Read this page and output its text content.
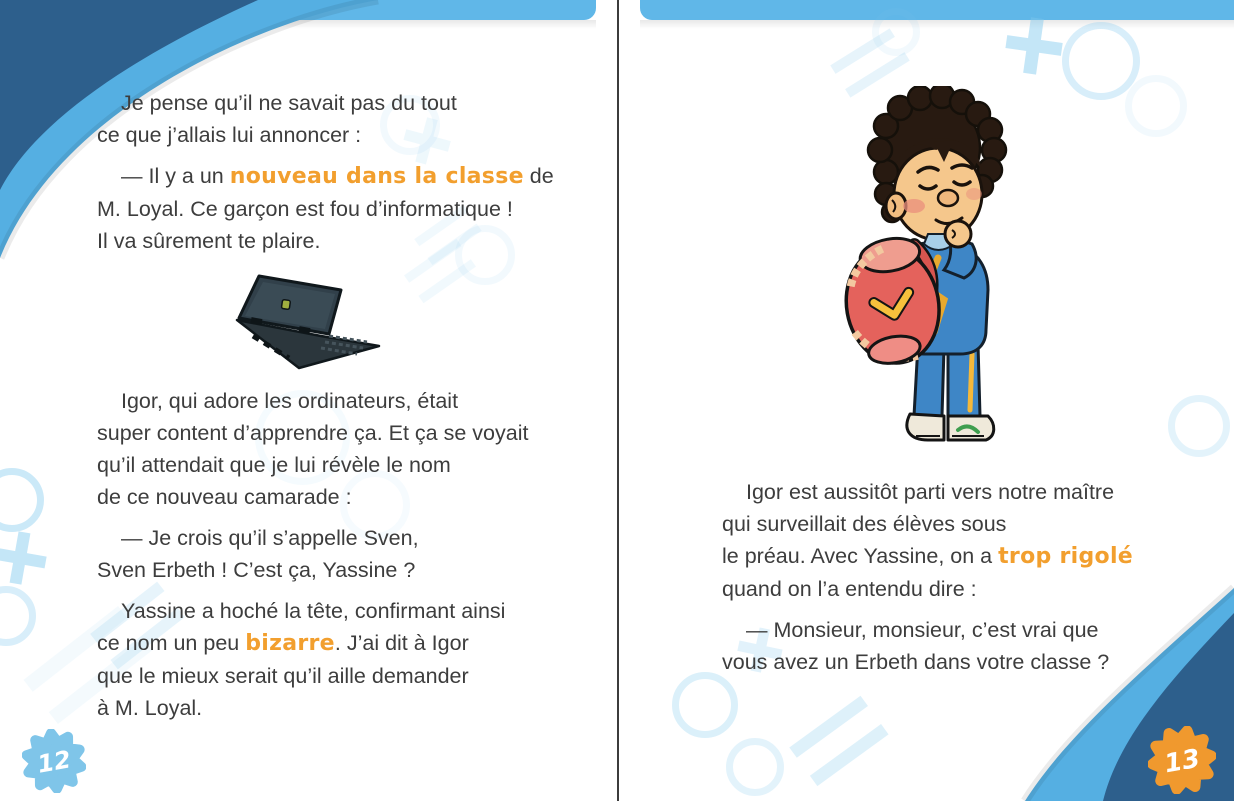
Je pense qu’il ne savait pas du tout
ce que j’allais lui annoncer :
— Il y a un nouveau dans la classe de
M. Loyal. Ce garçon est fou d’informatique !
Il va sûrement te plaire.
Igor, qui adore les ordinateurs, était
super content d’apprendre ça. Et ça se voyait
qu’il attendait que je lui révèle le nom
de ce nouveau camarade :
— Je crois qu’il s’appelle Sven,
Sven Erbeth ! C’est ça, Yassine ?
Yassine a hoché la tête, confirmant ainsi
ce nom un peu bizarre. J’ai dit à Igor
que le mieux serait qu’il aille demander
à M. Loyal.
Igor est aussitôt parti vers notre maître
qui surveillait des élèves sous
le préau. Avec Yassine, on a trop rigolé
quand on l’a entendu dire :
— Monsieur, monsieur, c’est vrai que
vous avez un Erbeth dans votre classe ?
12	13
